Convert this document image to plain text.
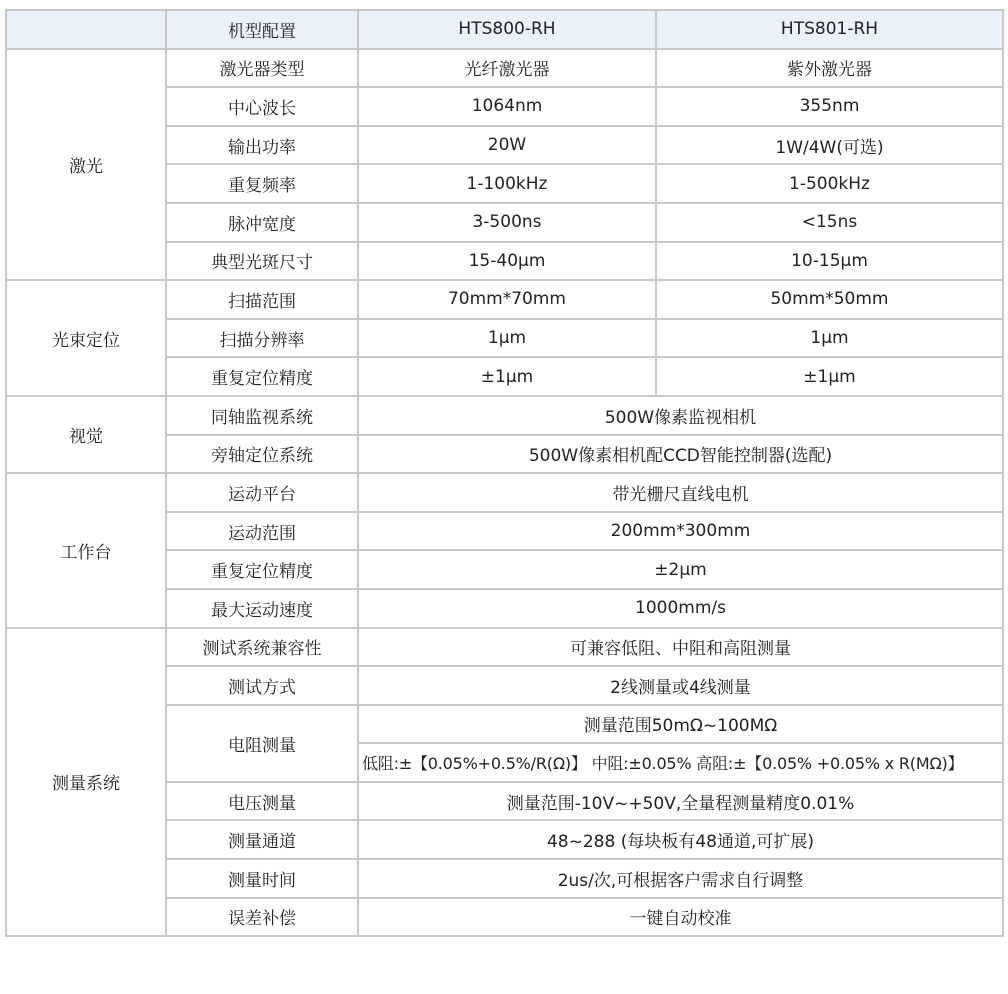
	机型配置	HTS800-RH	HTS801-RH
激光	激光器类型	光纤激光器	紫外激光器
	中心波长	1064nm	355nm
	输出功率	20W	1W/4W(可选)
	重复频率	1-100kHz	1-500kHz
	脉冲宽度	3-500ns	<15ns
	典型光斑尺寸	15-40μm	10-15μm
光束定位	扫描范围	70mm*70mm	50mm*50mm
	扫描分辨率	1μm	1μm
	重复定位精度	±1μm	±1μm
视觉	同轴监视系统	500W像素监视相机	
	旁轴定位系统	500W像素相机配CCD智能控制器(选配)	
工作台	运动平台	带光栅尺直线电机	
	运动范围	200mm*300mm	
	重复定位精度	±2μm	
	最大运动速度	1000mm/s	
测量系统	测试系统兼容性	可兼容低阻、中阻和高阻测量	
	测试方式	2线测量或4线测量	
	电阻测量	测量范围50mΩ~100MΩ	
		低阻:±【0.05%+0.5%/R(Ω)】 中阻:±0.05% 高阻:±【0.05% +0.05% x R(MΩ)】	
	电压测量	测量范围-10V~+50V,全量程测量精度0.01%	
	测量通道	48~288 (每块板有48通道,可扩展)	
	测量时间	2us/次,可根据客户需求自行调整	
	误差补偿	一键自动校准	
